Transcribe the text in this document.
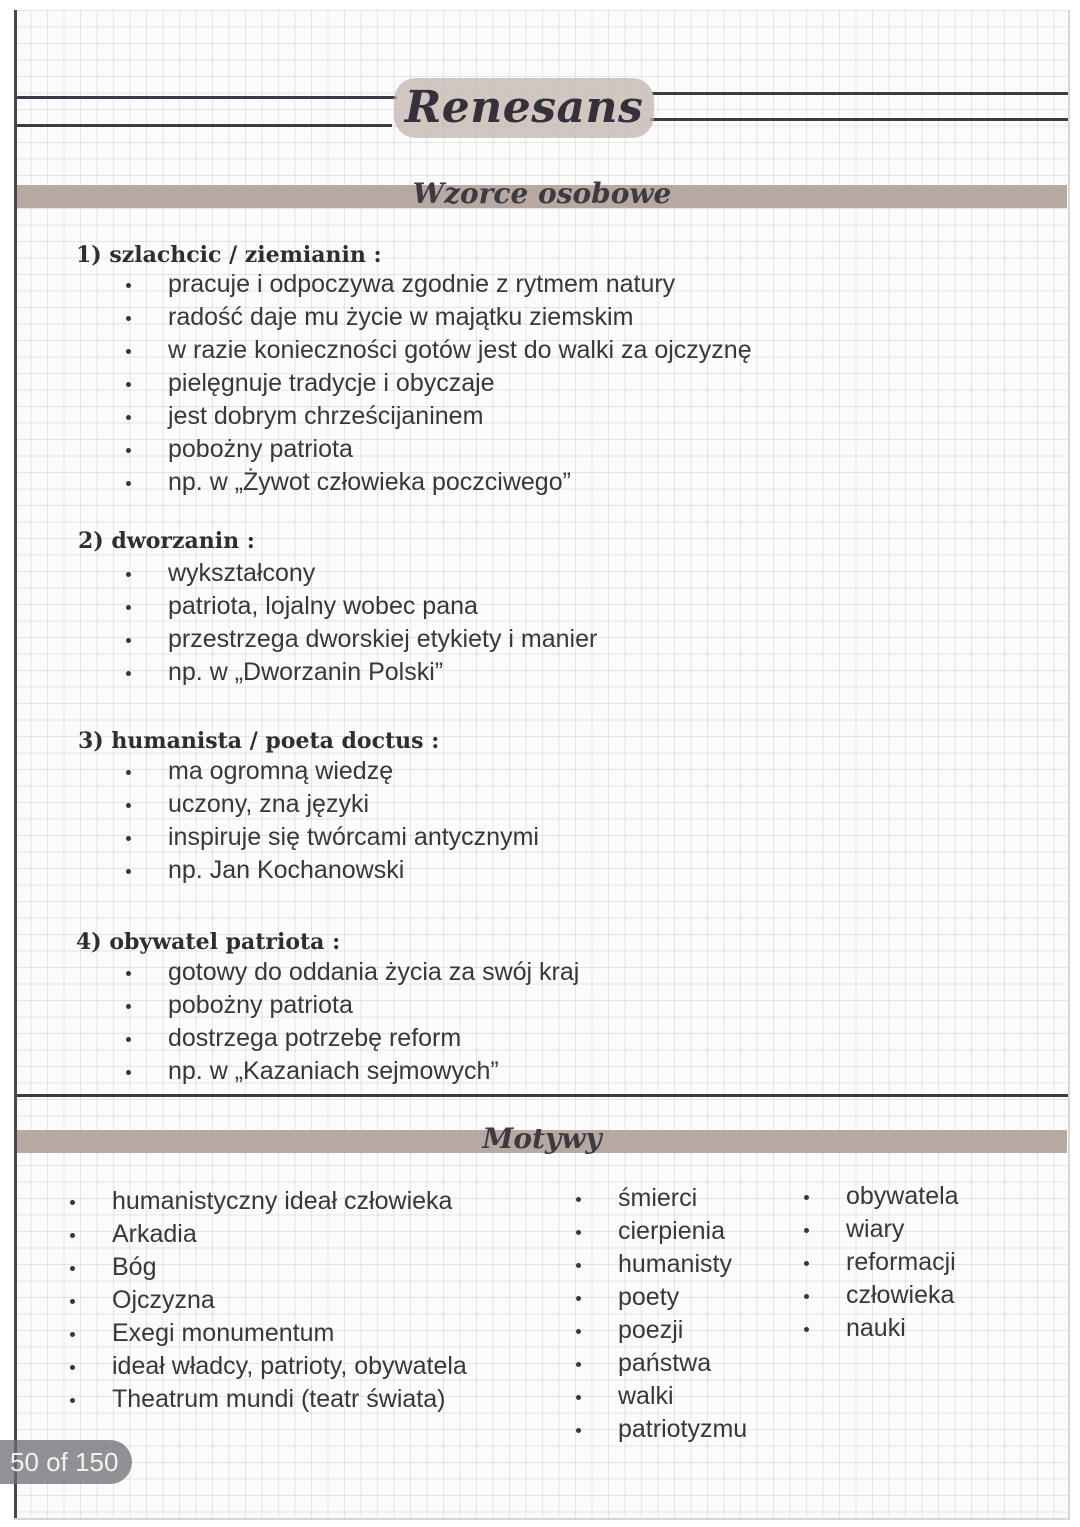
Renesans
Wzorce osobowe
1) szlachcic / ziemianin :
pracuje i odpoczywa zgodnie z rytmem natury
radość daje mu życie w majątku ziemskim
w razie konieczności gotów jest do walki za ojczyznę
pielęgnuje tradycje i obyczaje
jest dobrym chrześcijaninem
pobożny patriota
np. w „Żywot człowieka poczciwego”
2) dworzanin :
wykształcony
patriota, lojalny wobec pana
przestrzega dworskiej etykiety i manier
np. w „Dworzanin Polski”
3) humanista / poeta doctus :
ma ogromną wiedzę
uczony, zna języki
inspiruje się twórcami antycznymi
np. Jan Kochanowski
4) obywatel patriota :
gotowy do oddania życia za swój kraj
pobożny patriota
dostrzega potrzebę reform
np. w „Kazaniach sejmowych”
Motywy
humanistyczny ideał człowieka
Arkadia
Bóg
Ojczyzna
Exegi monumentum
ideał władcy, patrioty, obywatela
Theatrum mundi (teatr świata)
śmierci
cierpienia
humanisty
poety
poezji
państwa
walki
patriotyzmu
obywatela
wiary
reformacji
człowieka
nauki
50 of 150
